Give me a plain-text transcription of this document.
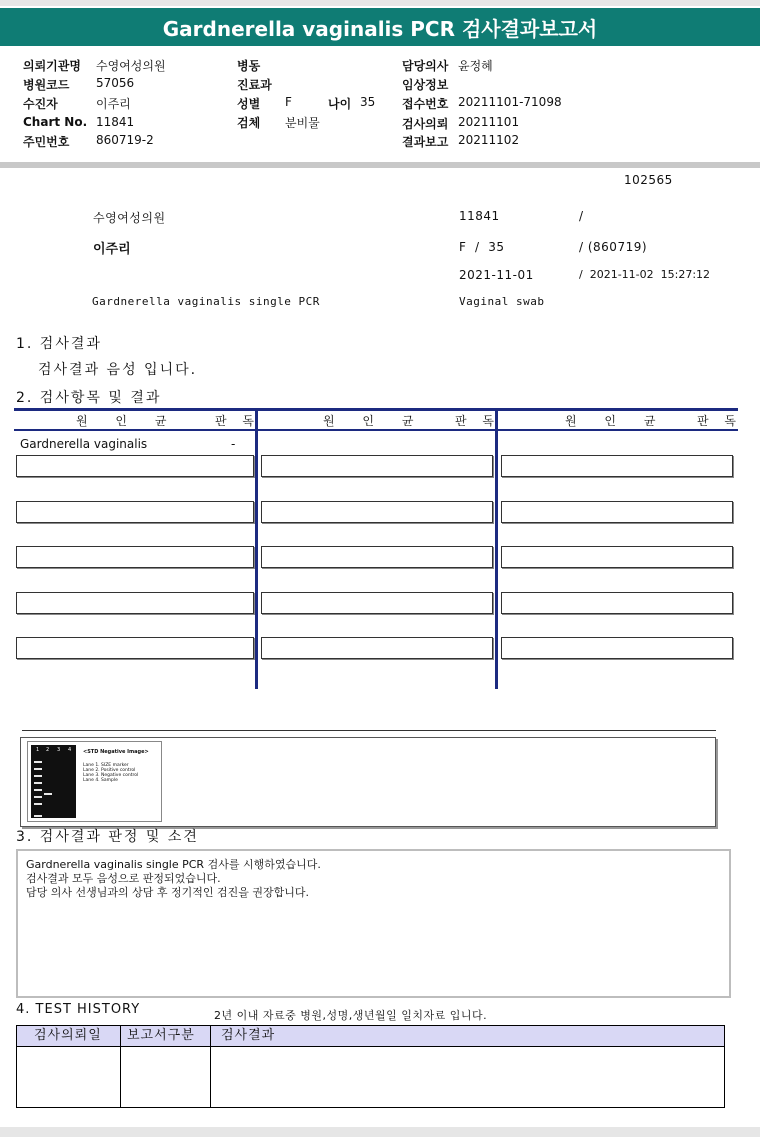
Gardnerella vaginalis PCR 검사결과보고서
의뢰기관명 수영여성의원
병원코드 57056
수진자	이주리
Chart No. 11841
주민번호 860719-2
병동
진료과
성별 F	나이 35
검체 분비물
담당의사 윤정혜
임상정보
접수번호 20211101-71098
검사의뢰 20211101
결과보고 20211102
102565
수영여성의원	11841	/
이주리	F  /  35	/ (860719)
2021-11-01	/  2021-11-02  15:27:12
Gardnerella vaginalis single PCR	Vaginal swab
1. 검사결과
검사결과 음성 입니다.
2. 검사항목 및 결과
원 인 균	판 독	원 인 균 판 독	원 인 균 판 독
Gardnerella vaginalis	-
1 2 3 4 <STD Negative Image>
Lane 1. SIZE marker
Lane 2. Positive control
Lane 3. Negative control
Lane 4. Sample
3. 검사결과 판정 및 소견
Gardnerella vaginalis single PCR 검사를 시행하였습니다.
검사결과 모두 음성으로 판정되었습니다.
담당 의사 선생님과의 상담 후 정기적인 검진을 권장합니다.
4. TEST HISTORY	2년 이내 자료중 병원,성명,생년월일 일치자료 입니다.
검사의뢰일 보고서구분 검사결과
